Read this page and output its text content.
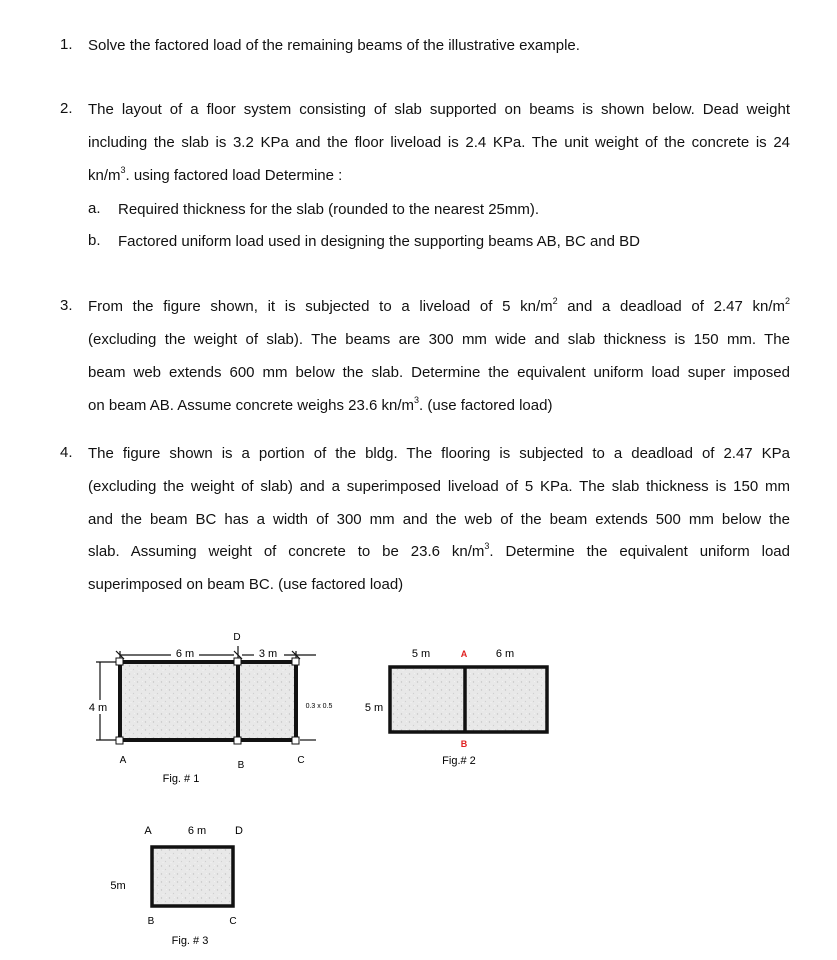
1. Solve the factored load of the remaining beams of the illustrative example.
2. The layout of a floor system consisting of slab supported on beams is shown below. Dead weight
including the slab is 3.2 KPa and the floor liveload is 2.4 KPa. The unit weight of the concrete is 24
$kn/m^3$. using factored load Determine :
a. Required thickness for the slab (rounded to the nearest 25mm).
b. Factored uniform load used in designing the supporting beams AB, BC and BD
3. From the figure shown, it is subjected to a liveload of 5 $kn/m^2$ and a deadload of 2.47 $kn/m^2$
(excluding the weight of slab). The beams are 300 mm wide and slab thickness is 150 mm. The
beam web extends 600 mm below the slab. Determine the equivalent uniform load super imposed
on beam AB. Assume concrete weighs 23.6 $kn/m^3$. (use factored load)
4. The figure shown is a portion of the bldg. The flooring is subjected to a deadload of 2.47 KPa
(excluding the weight of slab) and a superimposed liveload of 5 KPa. The slab thickness is 150 mm
and the beam BC has a width of 300 mm and the web of the beam extends 500 mm below the
slab. Assuming weight of concrete to be 23.6 $kn/m^3$. Determine the equivalent uniform load
superimposed on beam BC. (use factored load)
6 m	3 m
4 m	0.3 x 0.5
D
A	B	C
Fig. # 1
5 m	6 m
A
B
5 m
Fig.# 2
A	6 m	D
5m
B	C
Fig. # 3
